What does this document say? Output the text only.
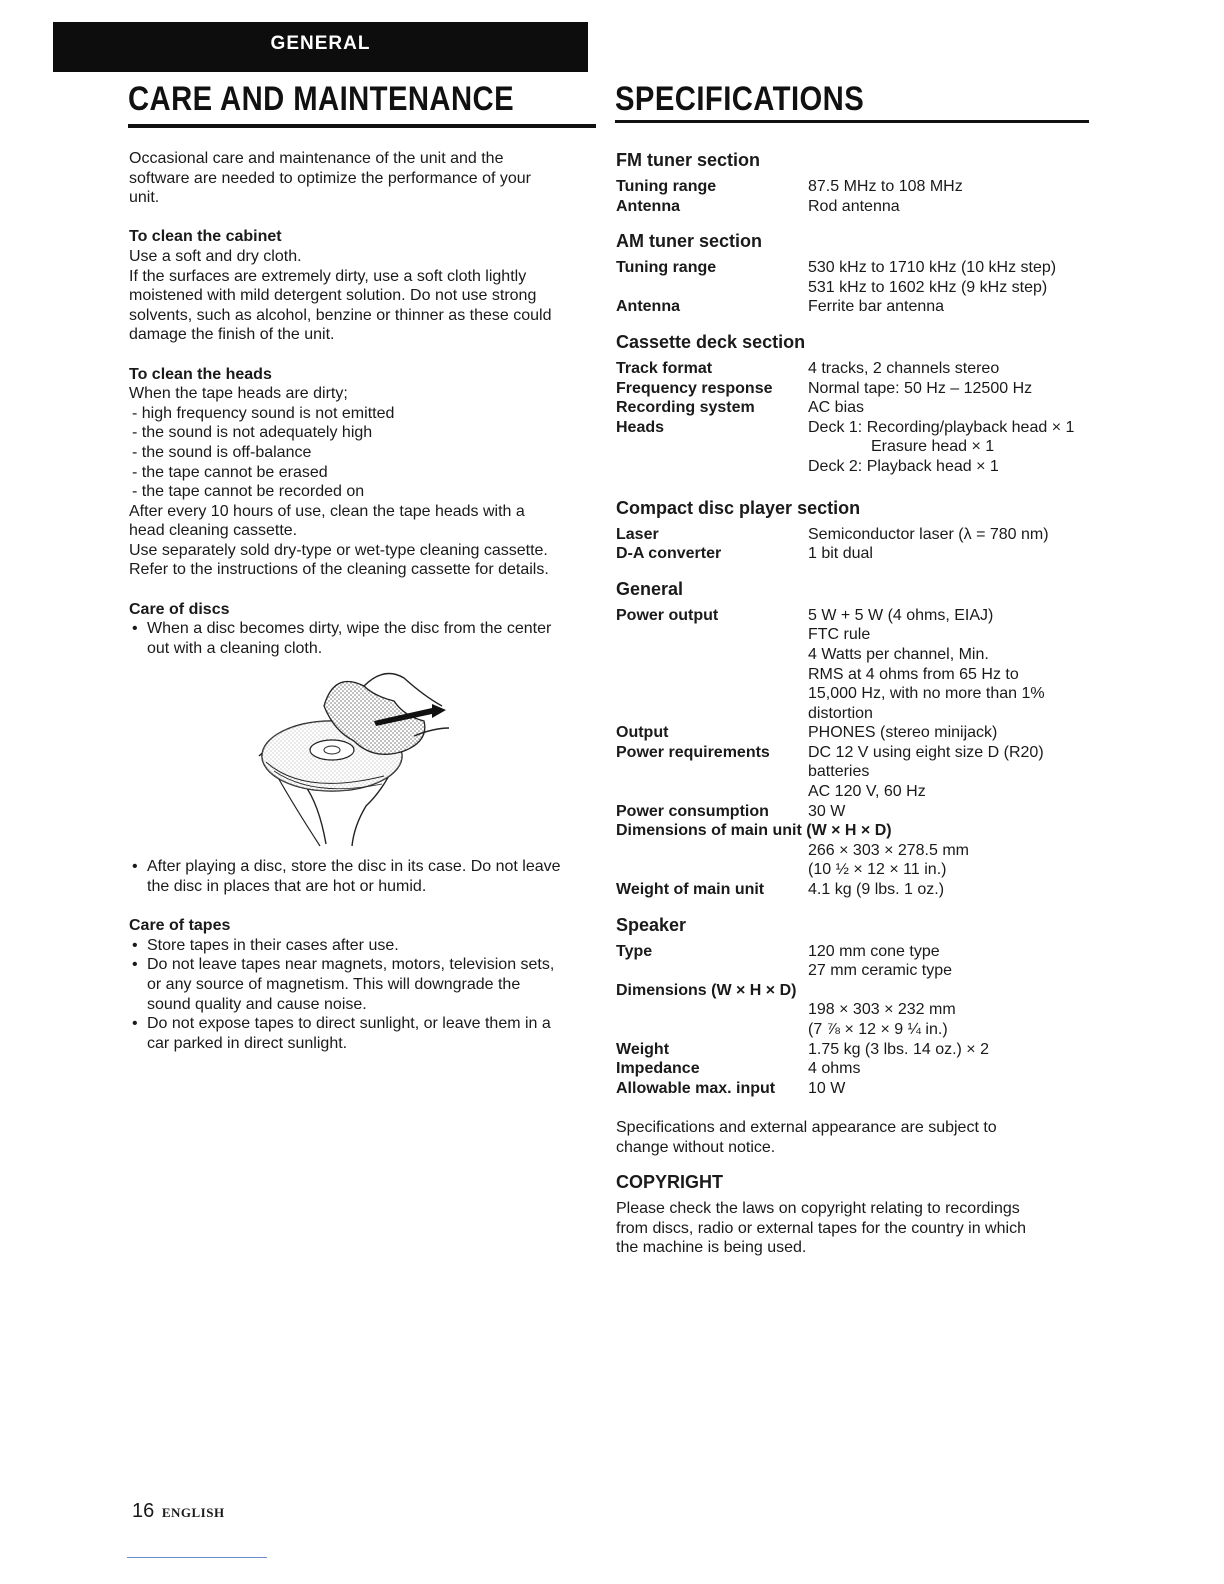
GENERAL
CARE AND MAINTENANCE	SPECIFICATIONS

Occasional care and maintenance of the unit and the

software are needed to optimize the performance of your

unit.

To clean the cabinet

Use a soft and dry cloth.

If the surfaces are extremely dirty, use a soft cloth lightly

moistened with mild detergent solution. Do not use strong

solvents, such as alcohol, benzine or thinner as these could

damage the finish of the unit.

To clean the heads

When the tape heads are dirty;

- high frequency sound is not emitted

- the sound is not adequately high

- the sound is off-balance

- the tape cannot be erased

- the tape cannot be recorded on

After every 10 hours of use, clean the tape heads with a

head cleaning cassette.

Use separately sold dry-type or wet-type cleaning cassette.

Refer to the instructions of the cleaning cassette for details.

Care of discs

• When a disc becomes dirty, wipe the disc from the center
out with a cleaning cloth.
• After playing a disc, store the disc in its case. Do not leave
the disc in places that are hot or humid.

Care of tapes

• Store tapes in their cases after use.
• Do not leave tapes near magnets, motors, television sets,
or any source of magnetism. This will downgrade the
sound quality and cause noise.
• Do not expose tapes to direct sunlight, or leave them in a
car parked in direct sunlight.

FM tuner section

Tuning range	87.5 MHz to 108 MHz
Antenna	Rod antenna

AM tuner section

Tuning range	530 kHz to 1710 kHz (10 kHz step)
531 kHz to 1602 kHz (9 kHz step)
Antenna	Ferrite bar antenna

Cassette deck section

Track format	4 tracks, 2 channels stereo
Frequency response	Normal tape: 50 Hz – 12500 Hz
Recording system	AC bias
Heads	Deck 1: Recording/playback head × 1
Erasure head × 1
Deck 2: Playback head × 1

Compact disc player section

Laser	Semiconductor laser (λ = 780 nm)
D-A converter	1 bit dual

General

Power output	5 W + 5 W (4 ohms, EIAJ)
FTC rule
4 Watts per channel, Min.
RMS at 4 ohms from 65 Hz to
15,000 Hz, with no more than 1%
distortion
Output	PHONES (stereo minijack)
Power requirements	DC 12 V using eight size D (R20)
batteries
AC 120 V, 60 Hz
Power consumption	30 W
Dimensions of main unit (W × H × D)
266 × 303 × 278.5 mm
(10 ½ × 12 × 11 in.)
Weight of main unit	4.1 kg (9 lbs. 1 oz.)

Speaker

Type	120 mm cone type
27 mm ceramic type
Dimensions (W × H × D)
198 × 303 × 232 mm
(7 ⅞ × 12 × 9 ¼ in.)
Weight	1.75 kg (3 lbs. 14 oz.) × 2
Impedance	4 ohms
Allowable max. input	10 W

Specifications and external appearance are subject to

change without notice.

COPYRIGHT

Please check the laws on copyright relating to recordings

from discs, radio or external tapes for the country in which

the machine is being used.

16 ENGLISH
